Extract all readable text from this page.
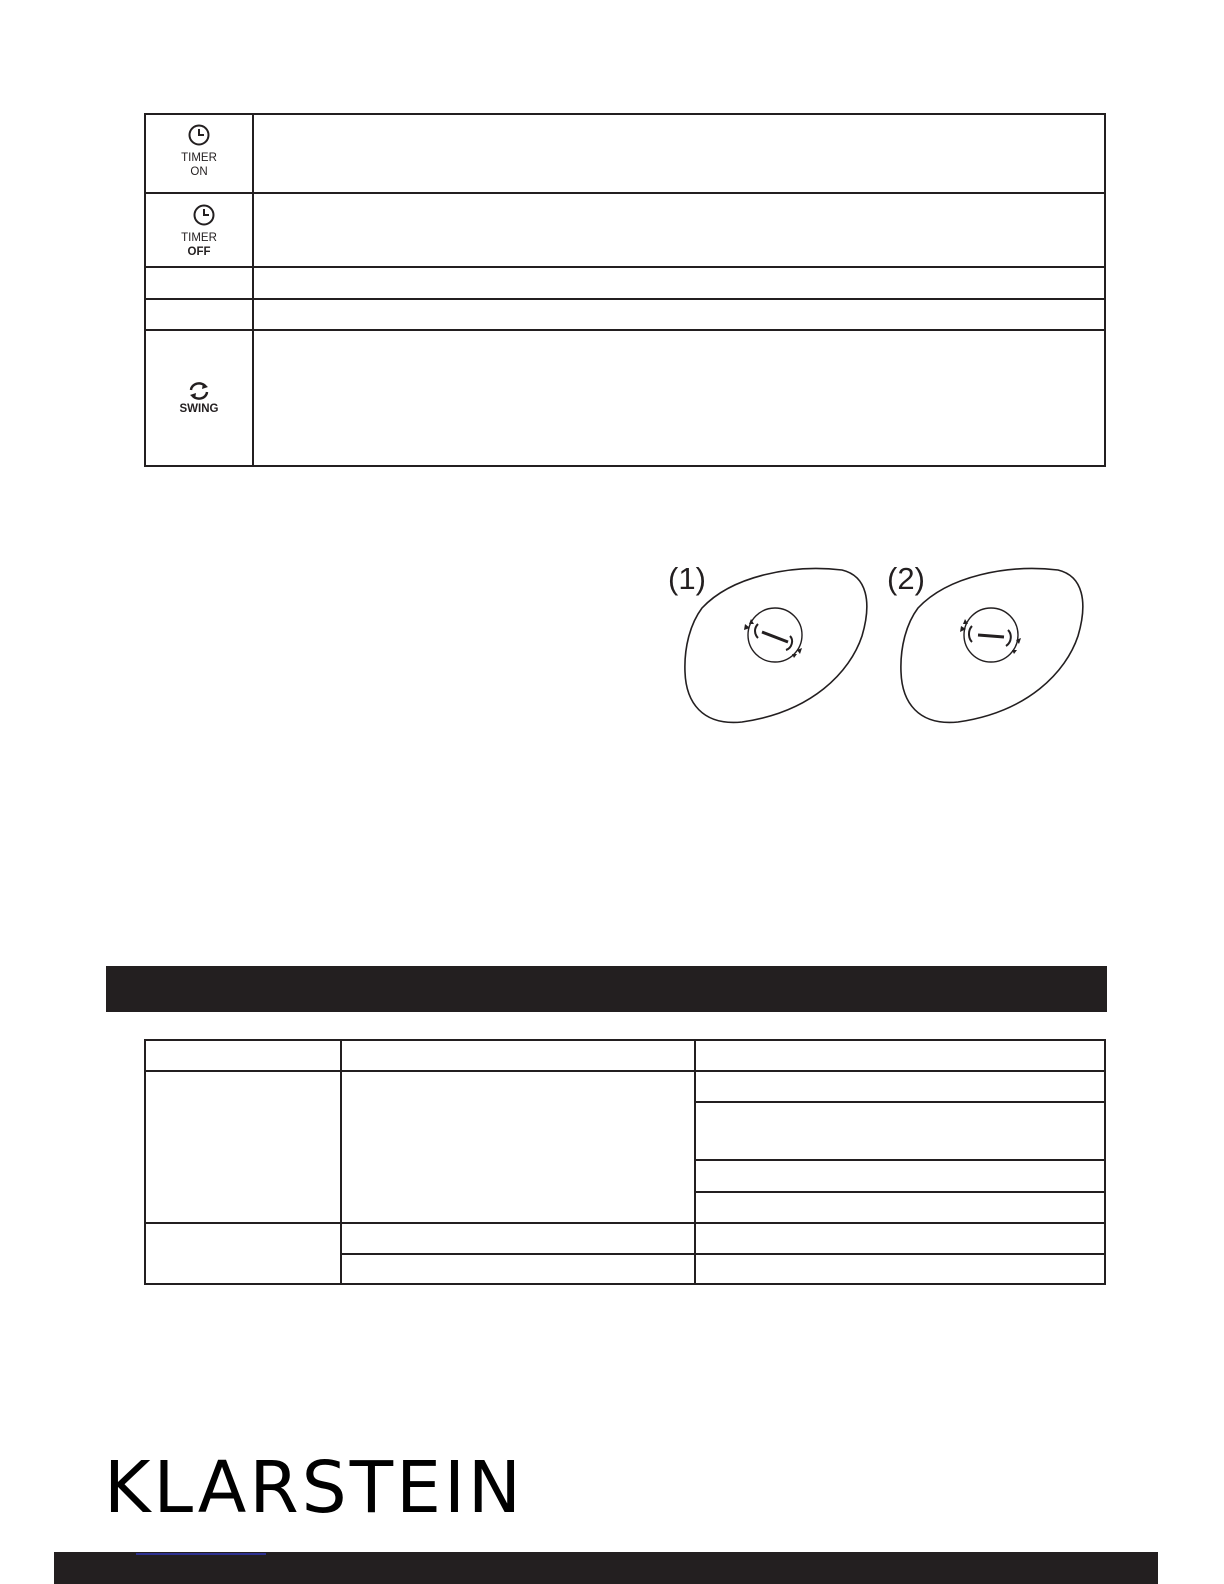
TIMER
ON
TIMER
OFF
SWING
(1)	(2)
KLARSTEIN
